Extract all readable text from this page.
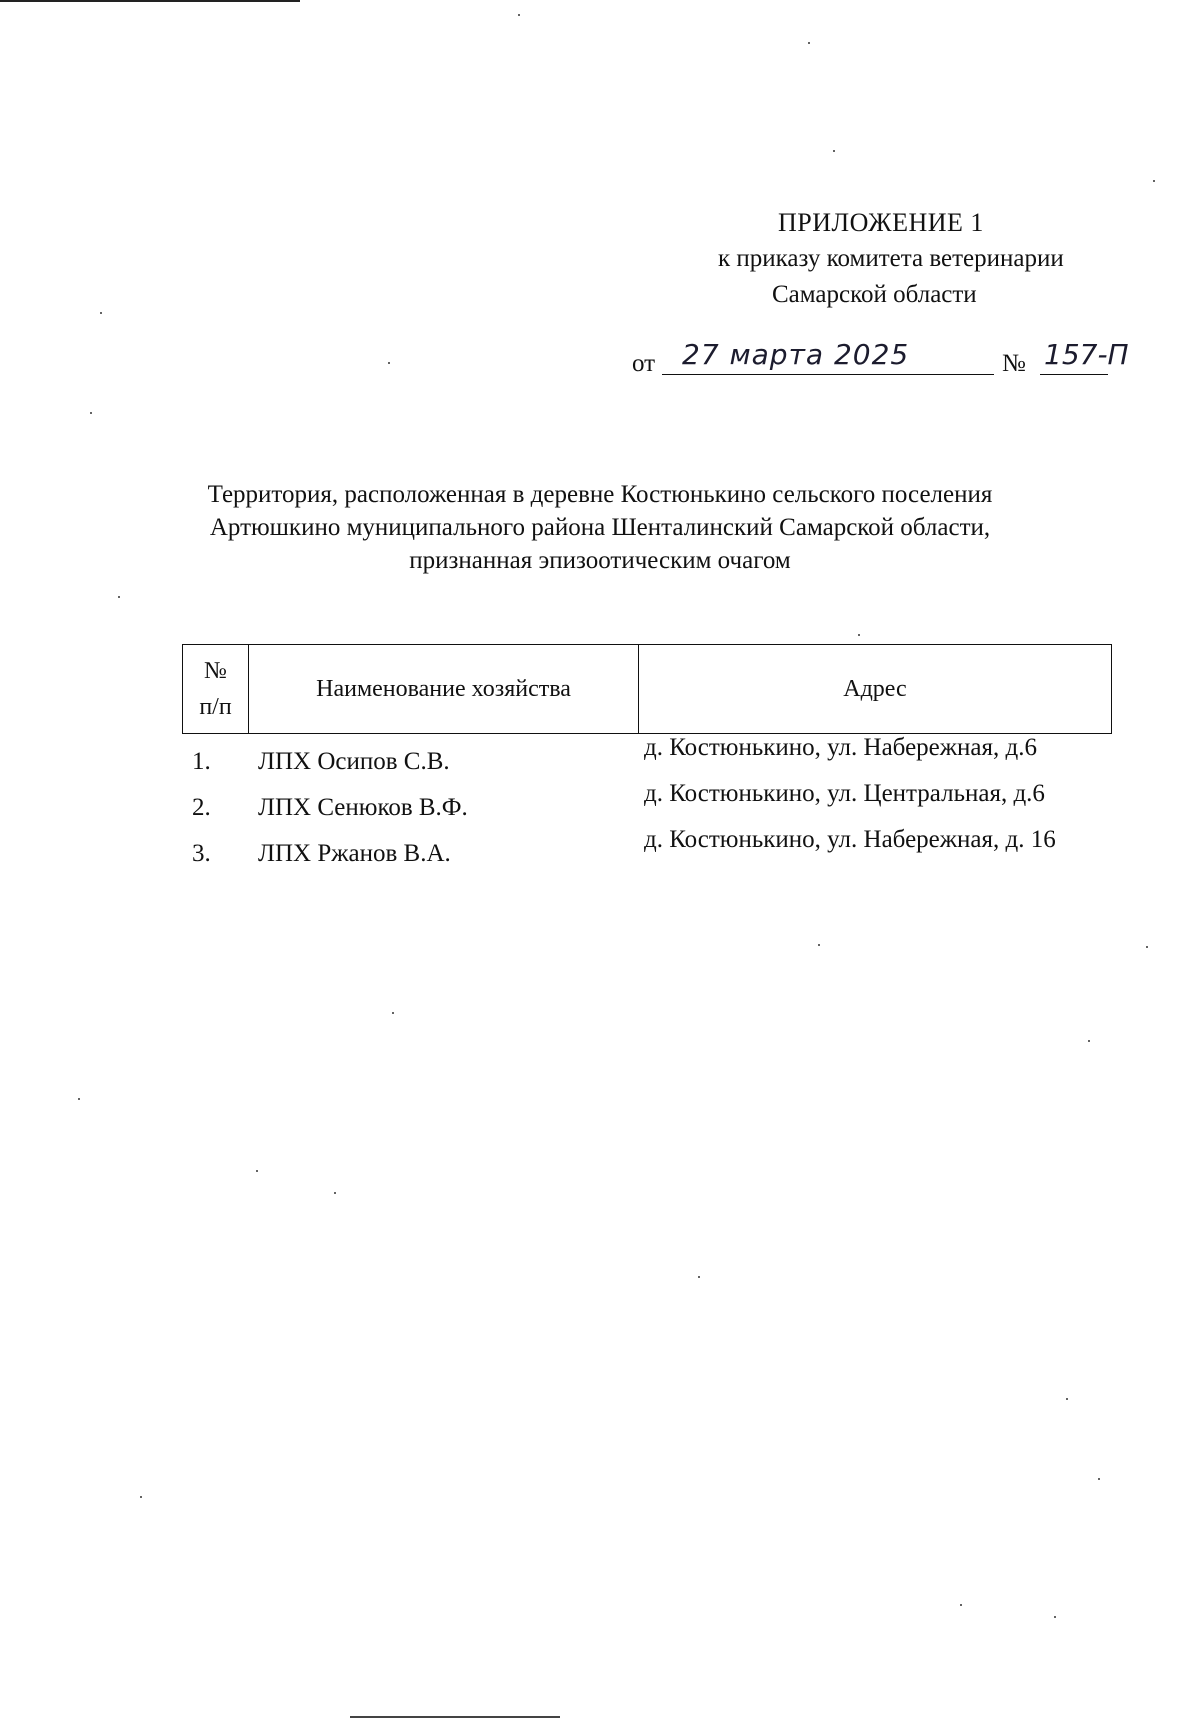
ПРИЛОЖЕНИЕ 1
к приказу комитета ветеринарии
Самарской области
от 27 марта 2025	№ 157-П
Территория, расположенная в деревне Костюнькино сельского поселения
Артюшкино муниципального района Шенталинский Самарской области,
признанная эпизоотическим очагом
№
п/п
Наименование хозяйства	Адрес
1. ЛПХ Осипов С.В.
д. Костюнькино, ул. Набережная, д.6
2. ЛПХ Сенюков В.Ф.
д. Костюнькино, ул. Центральная, д.6
3. ЛПХ Ржанов В.А.
д. Костюнькино, ул. Набережная, д. 16
